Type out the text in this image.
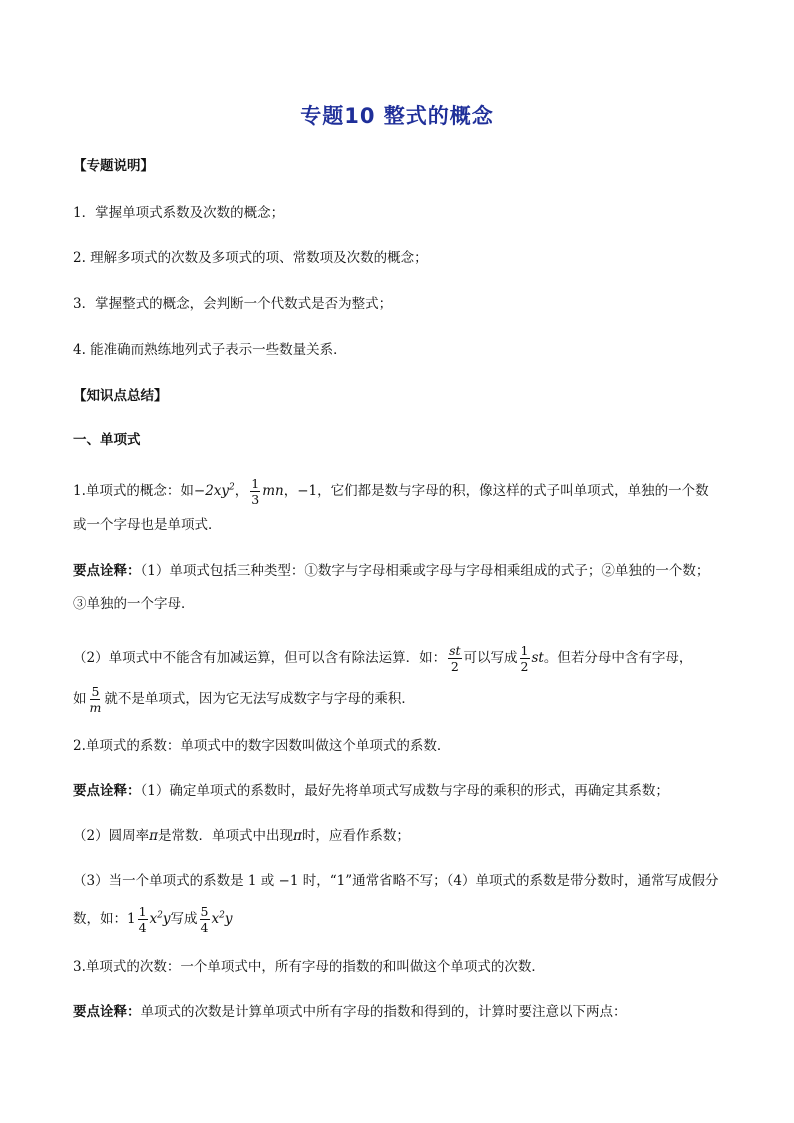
专题10 整式的概念
【专题说明】
1．掌握单项式系数及次数的概念；
2. 理解多项式的次数及多项式的项、常数项及次数的概念；
3．掌握整式的概念，会判断一个代数式是否为整式；
4. 能准确而熟练地列式子表示一些数量关系．
【知识点总结】
一、单项式
1.单项式的概念：如$-2xy^2$， $\frac{1}{3}$ mn，−1，它们都是数与字母的积，像这样的式子叫单项式，单独的一个数
或一个字母也是单项式．
要点诠释：（1）单项式包括三种类型：①数字与字母相乘或字母与字母相乘组成的式子；②单独的一个数；
③单独的一个字母．
（2）单项式中不能含有加减运算，但可以含有除法运算．如： $\frac{st}{2}$ 可以写成 $\frac{1}{2}$ st。但若分母中含有字母，
如 $\frac{5}{m}$ 就不是单项式，因为它无法写成数字与字母的乘积．
2.单项式的系数：单项式中的数字因数叫做这个单项式的系数．
要点诠释：（1）确定单项式的系数时，最好先将单项式写成数与字母的乘积的形式，再确定其系数；
（2）圆周率π是常数．单项式中出现π时，应看作系数；
（3）当一个单项式的系数是 1 或 −1 时，“1”通常省略不写；（4）单项式的系数是带分数时，通常写成假分
数，如：$1 \frac{1}{4} x^2y$写成 $\frac{5}{4} x^2y$
3.单项式的次数：一个单项式中，所有字母的指数的和叫做这个单项式的次数．
要点诠释：单项式的次数是计算单项式中所有字母的指数和得到的，计算时要注意以下两点：
